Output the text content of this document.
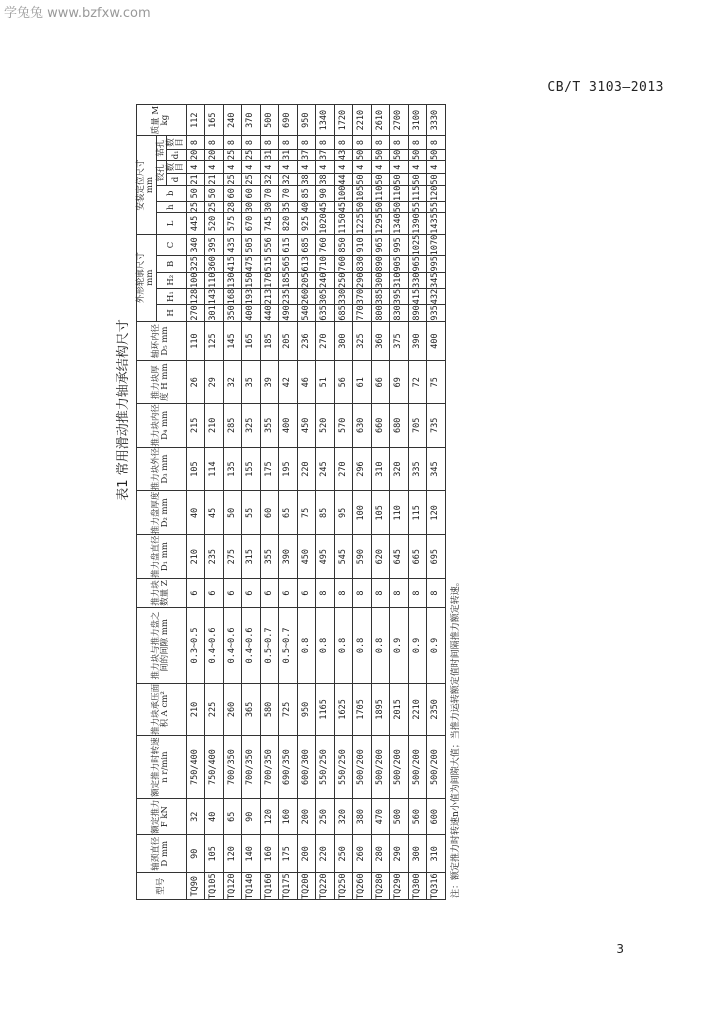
学兔兔 www.bzfxw.com
CB/T 3103—2013
表1 常用滑动推力轴承结构尺寸
型号	轴颈直径 D mm	额定推力 F kN	额定推力时转速 n r/min	推力块承压面积 A cm²	推力块与推力盘之间的间隙 mm	推力块数量 Z	推力盘直径 D₁ mm	推力盘厚度 D₂ mm	推力块外径 D₃ mm	推力块内径 D₄ mm	推力块厚度 H mm	轴环内径 D₅ mm	外形轮廓尺寸
mm					安装定位尺寸
mm							质量 M kg
													H	H₁	H₂	B	C	L	h	b	铰孔		钻孔		
																					d	数目	d₁	数目	
TQ90	90	32	750/400	210	0.3~0.5	6	210	40	105	215	26	110	270	128	100	325	340	445	25	50	21	4	20	8	112
TQ105	105	40	750/400	225	0.4~0.6	6	235	45	114	210	29	125	301	143	110	360	395	520	25	50	21	4	20	8	165
TQ120	120	65	700/350	260	0.4~0.6	6	275	50	135	285	32	145	350	168	130	415	435	575	28	60	25	4	25	8	240
TQ140	140	90	700/350	365	0.4~0.6	6	315	55	155	325	35	165	400	193	150	475	505	670	30	60	25	4	25	8	370
TQ160	160	120	700/350	580	0.5~0.7	6	355	60	175	355	39	185	440	213	170	515	556	745	30	70	32	4	31	8	500
TQ175	175	160	690/350	725	0.5~0.7	6	390	65	195	400	42	205	490	235	185	565	615	820	35	70	32	4	31	8	690
TQ200	200	200	600/300	950	0.8	6	450	75	220	450	46	236	540	260	205	613	685	925	40	85	38	4	37	8	950
TQ220	220	250	550/250	1165	0.8	8	495	85	245	520	51	270	635	305	240	710	760	1020	45	90	38	4	37	8	1340
TQ250	250	320	550/250	1625	0.8	8	545	95	270	570	56	300	685	330	250	760	850	1150	45	100	44	4	43	8	1720
TQ260	260	380	500/200	1705	0.8	8	590	100	296	630	61	325	770	370	290	830	910	1225	50	105	50	4	50	8	2210
TQ280	280	470	500/200	1895	0.8	8	620	105	310	660	66	360	800	385	300	890	965	1295	50	110	50	4	50	8	2610
TQ290	290	500	500/200	2015	0.9	8	645	110	320	680	69	375	830	395	310	905	995	1340	50	110	50	4	50	8	2700
TQ300	300	560	500/200	2210	0.9	8	665	115	335	705	72	390	890	415	330	965	1025	1390	55	115	50	4	50	8	3100
TQ316	310	600	500/200	2350	0.9	8	695	120	345	735	75	400	935	432	345	995	1070	1435	55	120	50	4	50	8	3330
注：额定推力时转速n小值为间隙大值；当推力运转额定值时间隔推力额定转速。
3
